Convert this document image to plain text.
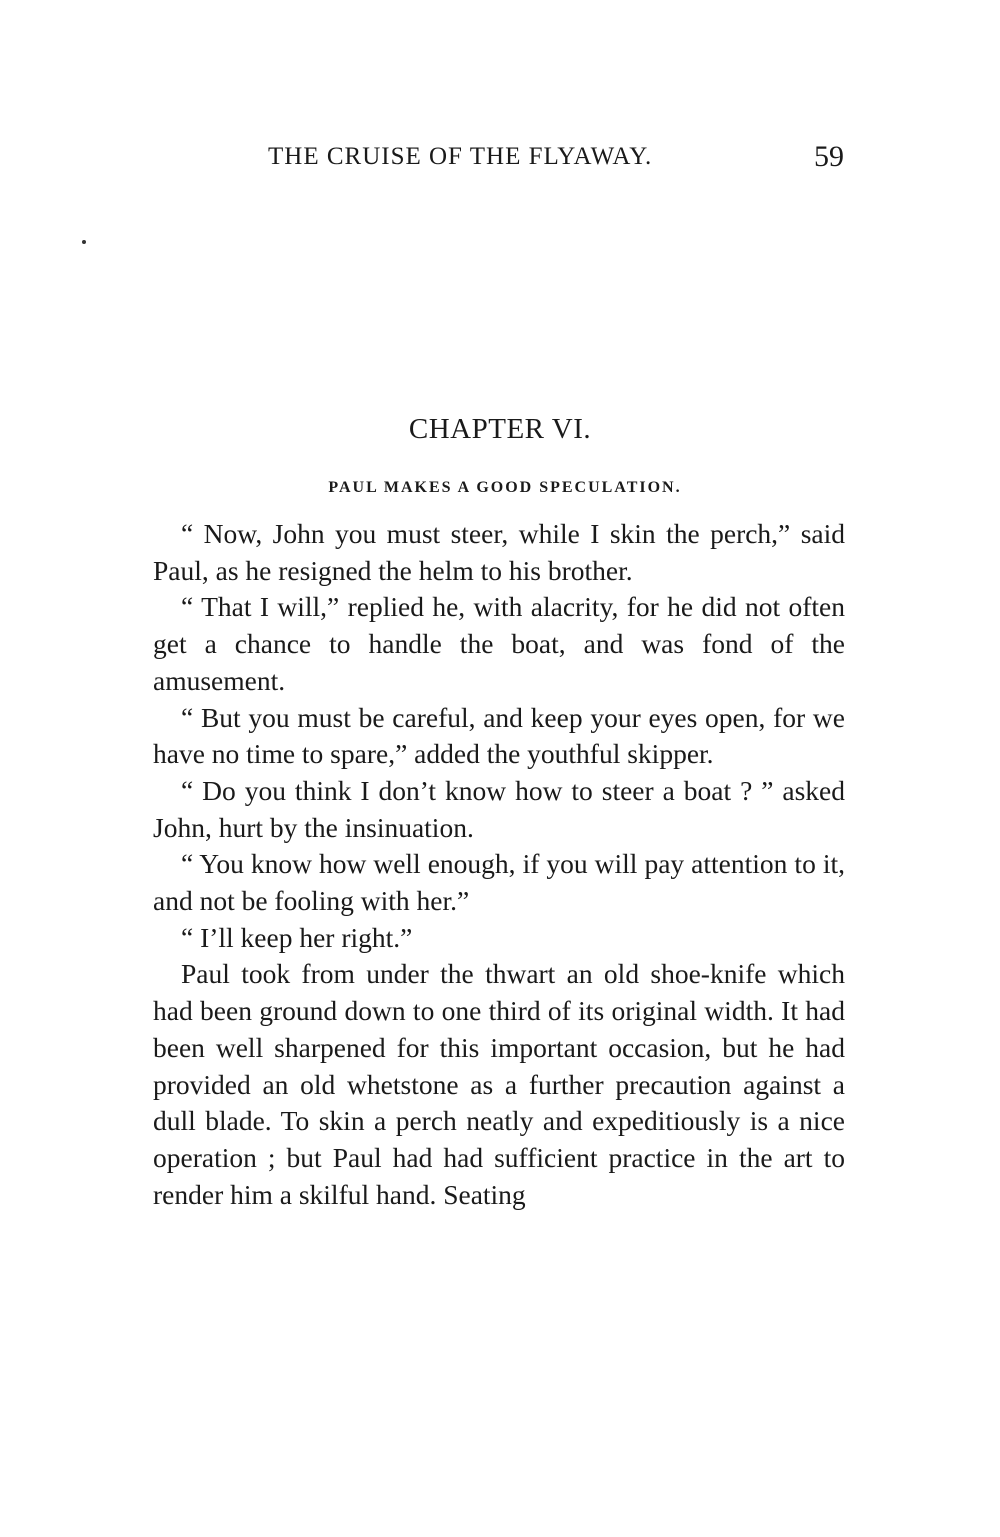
THE CRUISE OF THE FLYAWAY.	59
CHAPTER VI.
PAUL MAKES A GOOD SPECULATION.

“ Now, John you must steer, while I skin the perch,” said Paul, as he resigned the helm to his brother.

“ That I will,” replied he, with alacrity, for he did not often get a chance to handle the boat, and was fond of the amusement.

“ But you must be careful, and keep your eyes open, for we have no time to spare,” added the youthful skipper.

“ Do you think I don’t know how to steer a boat ? ” asked John, hurt by the insinuation.

“ You know how well enough, if you will pay attention to it, and not be fooling with her.”

“ I’ll keep her right.”

Paul took from under the thwart an old shoe-knife which had been ground down to one third of its original width. It had been well sharpened for this important occasion, but he had provided an old whetstone as a further precaution against a dull blade. To skin a perch neatly and expeditiously is a nice operation ; but Paul had had sufficient practice in the art to render him a skilful hand. Seating
